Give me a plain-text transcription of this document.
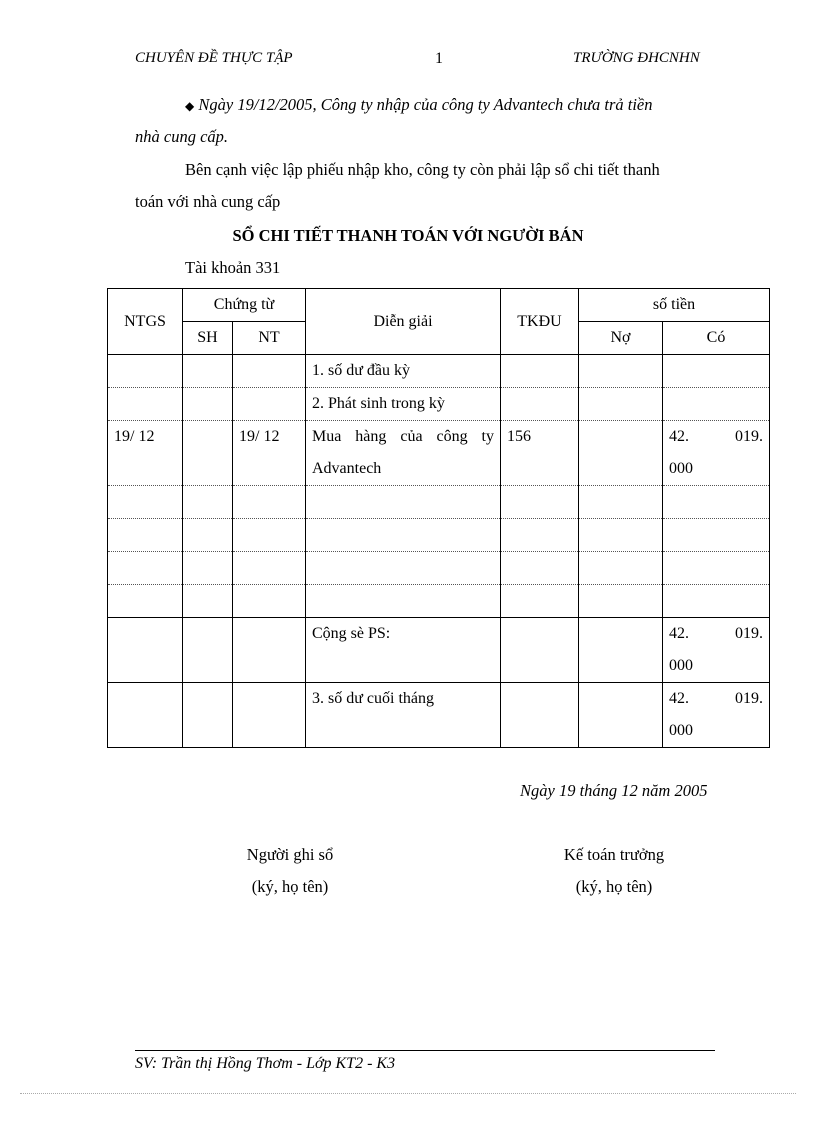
CHUYÊN ĐỀ THỰC TẬP	1	TRƯỜNG ĐHCNHN
◆ Ngày 19/12/2005, Công ty nhập của công ty Advantech chưa trả tiền
nhà cung cấp.
Bên cạnh việc lập phiếu nhập kho, công ty còn phải lập sổ chi tiết thanh
toán với nhà cung cấp
SỔ CHI TIẾT THANH TOÁN VỚI NGƯỜI BÁN
Tài khoản 331
NTGS	Chứng từ		Diễn giải	TKĐU	số tiền	
	SH	NT			Nợ	Có
			1. số dư đầu kỳ			
			2. Phát sinh trong kỳ			
19/ 12		19/ 12	Mua hàng của công ty Advantech	156		42. 019.
000

			Cộng sè PS:			42. 019.
000

			3. số dư cuối tháng			42. 019.
000
Ngày 19 tháng 12 năm 2005
Người ghi sổ
(ký, họ tên)
Kế toán trưởng
(ký, họ tên)
SV: Trần thị Hồng Thơm - Lớp KT2 - K3
